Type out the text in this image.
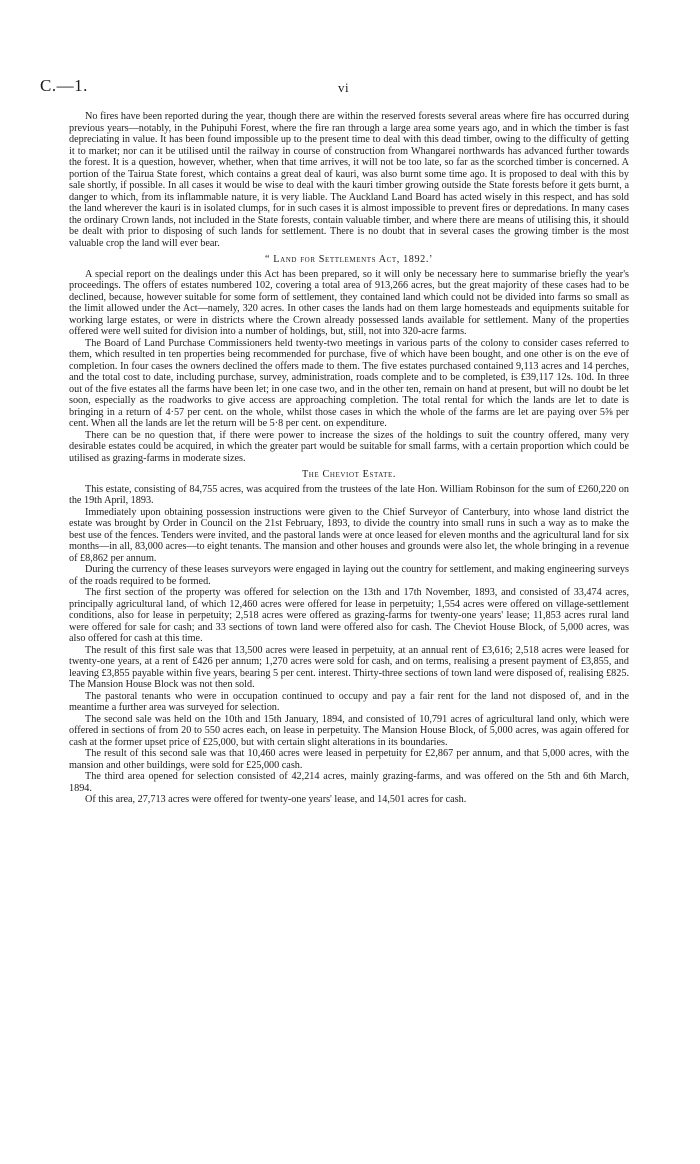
C.—1.	vi

No fires have been reported during the year, though there are within the reserved forests several areas where fire has occurred during previous years—notably, in the Puhipuhi Forest, where the fire ran through a large area some years ago, and in which the timber is fast depreciating in value. It has been found impossible up to the present time to deal with this dead timber, owing to the difficulty of getting it to market; nor can it be utilised until the railway in course of construction from Whangarei northwards has advanced further towards the forest. It is a question, however, whether, when that time arrives, it will not be too late, so far as the scorched timber is concerned. A portion of the Tairua State forest, which contains a great deal of kauri, was also burnt some time ago. It is proposed to deal with this by sale shortly, if possible. In all cases it would be wise to deal with the kauri timber growing outside the State forests before it gets burnt, a danger to which, from its inflammable nature, it is very liable. The Auckland Land Board has acted wisely in this respect, and has sold the land wherever the kauri is in isolated clumps, for in such cases it is almost impossible to prevent fires or depredations. In many cases the ordinary Crown lands, not included in the State forests, contain valuable timber, and where there are means of utilising this, it should be dealt with prior to disposing of such lands for settlement. There is no doubt that in several cases the growing timber is the most valuable crop the land will ever bear.

“ Land for Settlements Act, 1892.’

A special report on the dealings under this Act has been prepared, so it will only be necessary here to summarise briefly the year's proceedings. The offers of estates numbered 102, covering a total area of 913,266 acres, but the great majority of these cases had to be declined, because, however suitable for some form of settlement, they contained land which could not be divided into farms so small as the limit allowed under the Act—namely, 320 acres. In other cases the lands had on them large homesteads and equipments suitable for working large estates, or were in districts where the Crown already possessed lands available for settlement. Many of the properties offered were well suited for division into a number of holdings, but, still, not into 320-acre farms.

The Board of Land Purchase Commissioners held twenty-two meetings in various parts of the colony to consider cases referred to them, which resulted in ten properties being recommended for purchase, five of which have been bought, and one other is on the eve of completion. In four cases the owners declined the offers made to them. The five estates purchased contained 9,113 acres and 14 perches, and the total cost to date, including purchase, survey, administration, roads complete and to be completed, is £39,117 12s. 10d. In three out of the five estates all the farms have been let; in one case two, and in the other ten, remain on hand at present, but will no doubt be let soon, especially as the roadworks to give access are approaching completion. The total rental for which the lands are let to date is bringing in a return of 4·57 per cent. on the whole, whilst those cases in which the whole of the farms are let are paying over 5⅝ per cent. When all the lands are let the return will be 5·8 per cent. on expenditure.

There can be no question that, if there were power to increase the sizes of the holdings to suit the country offered, many very desirable estates could be acquired, in which the greater part would be suitable for small farms, with a certain proportion which could be utilised as grazing-farms in moderate sizes.

The Cheviot Estate.

This estate, consisting of 84,755 acres, was acquired from the trustees of the late Hon. William Robinson for the sum of £260,220 on the 19th April, 1893.

Immediately upon obtaining possession instructions were given to the Chief Surveyor of Canterbury, into whose land district the estate was brought by Order in Council on the 21st February, 1893, to divide the country into small runs in such a way as to make the best use of the fences. Tenders were invited, and the pastoral lands were at once leased for eleven months and the agricultural land for six months—in all, 83,000 acres—to eight tenants. The mansion and other houses and grounds were also let, the whole bringing in a revenue of £8,862 per annum.

During the currency of these leases surveyors were engaged in laying out the country for settlement, and making engineering surveys of the roads required to be formed.

The first section of the property was offered for selection on the 13th and 17th November, 1893, and consisted of 33,474 acres, principally agricultural land, of which 12,460 acres were offered for lease in perpetuity; 1,554 acres were offered on village-settlement conditions, also for lease in perpetuity; 2,518 acres were offered as grazing-farms for twenty-one years' lease; 11,853 acres rural land were offered for sale for cash; and 33 sections of town land were offered also for cash. The Cheviot House Block, of 5,000 acres, was also offered for cash at this time.

The result of this first sale was that 13,500 acres were leased in perpetuity, at an annual rent of £3,616; 2,518 acres were leased for twenty-one years, at a rent of £426 per annum; 1,270 acres were sold for cash, and on terms, realising a present payment of £3,855, and leaving £3,855 payable within five years, bearing 5 per cent. interest. Thirty-three sections of town land were disposed of, realising £825. The Mansion House Block was not then sold.

The pastoral tenants who were in occupation continued to occupy and pay a fair rent for the land not disposed of, and in the meantime a further area was surveyed for selection.

The second sale was held on the 10th and 15th January, 1894, and consisted of 10,791 acres of agricultural land only, which were offered in sections of from 20 to 550 acres each, on lease in perpetuity. The Mansion House Block, of 5,000 acres, was again offered for cash at the former upset price of £25,000, but with certain slight alterations in its boundaries.

The result of this second sale was that 10,460 acres were leased in perpetuity for £2,867 per annum, and that 5,000 acres, with the mansion and other buildings, were sold for £25,000 cash.

The third area opened for selection consisted of 42,214 acres, mainly grazing-farms, and was offered on the 5th and 6th March, 1894.

Of this area, 27,713 acres were offered for twenty-one years' lease, and 14,501 acres for cash.
